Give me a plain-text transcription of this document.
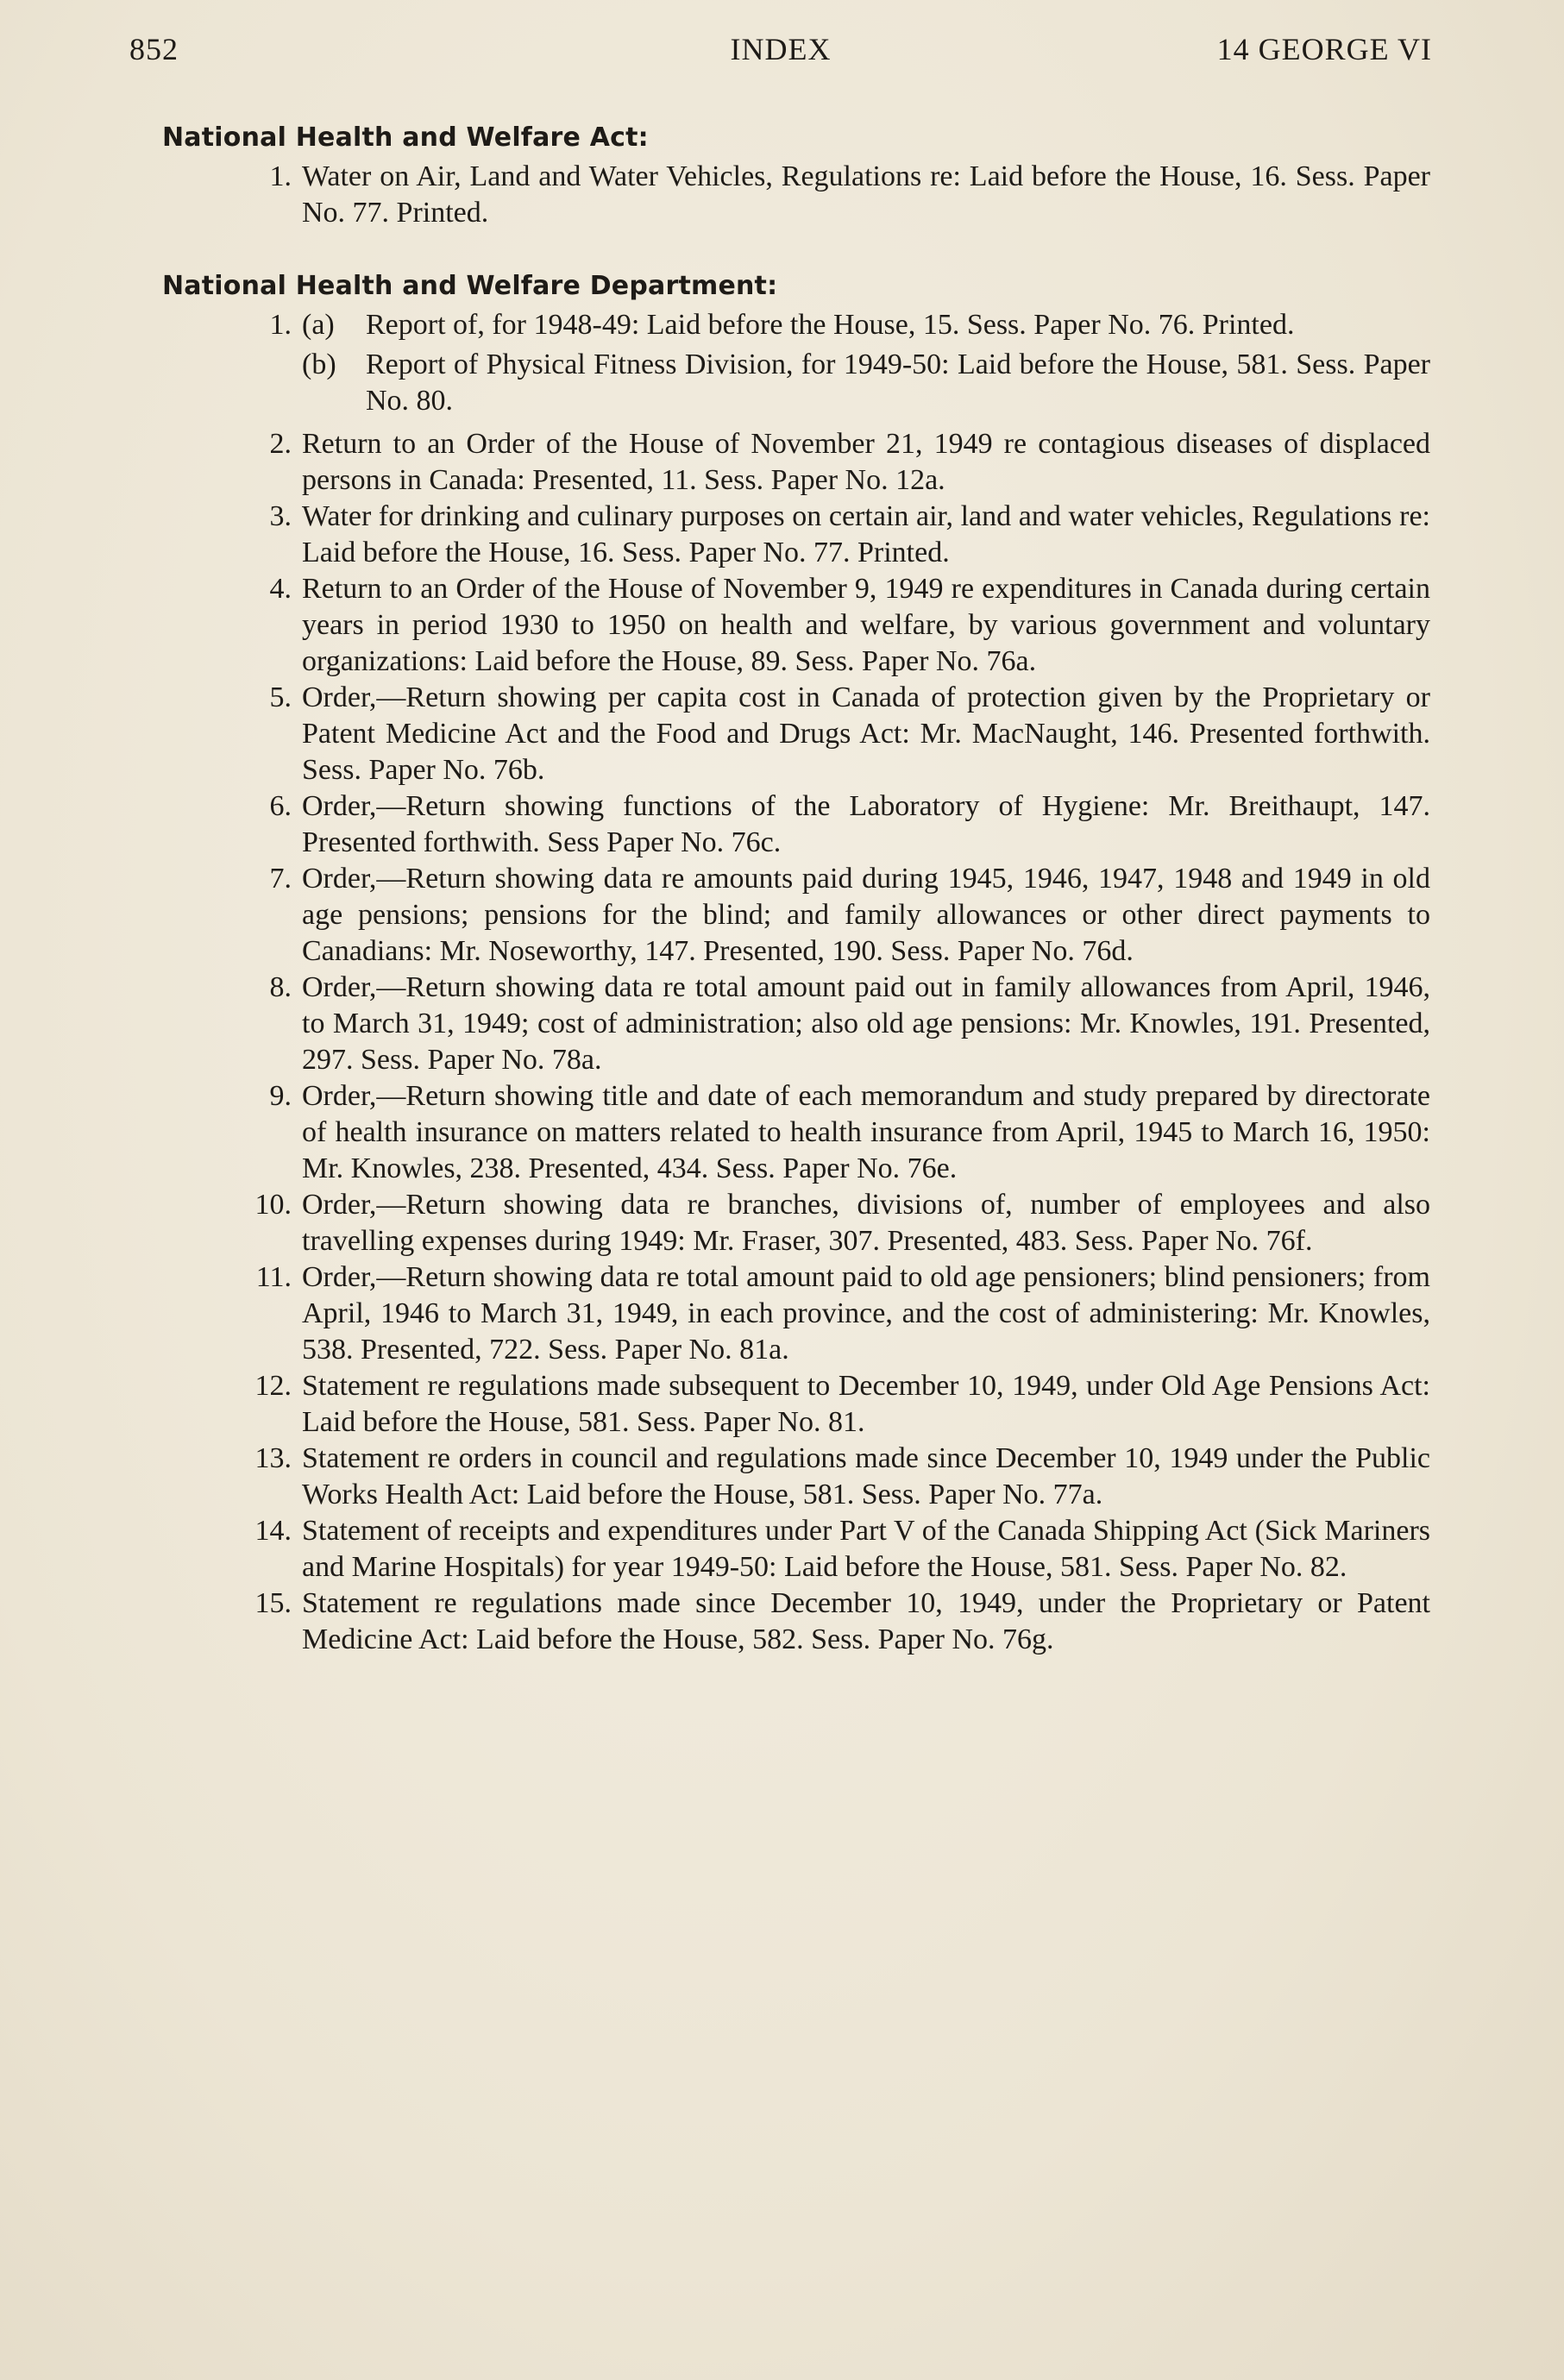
852	INDEX	14 GEORGE VI
National Health and Welfare Act:
1. Water on Air, Land and Water Vehicles, Regulations re: Laid before the House, 16. Sess. Paper No. 77. Printed.
National Health and Welfare Department:
1. (a)	Report of, for 1948-49: Laid before the House, 15. Sess. Paper No. 76. Printed.
(b)	Report of Physical Fitness Division, for 1949-50: Laid before the House, 581. Sess. Paper No. 80.
2. Return to an Order of the House of November 21, 1949 re contagious diseases of displaced persons in Canada: Presented, 11. Sess. Paper No. 12a.
3. Water for drinking and culinary purposes on certain air, land and water vehicles, Regulations re: Laid before the House, 16. Sess. Paper No. 77. Printed.
4. Return to an Order of the House of November 9, 1949 re expenditures in Canada during certain years in period 1930 to 1950 on health and welfare, by various government and voluntary organizations: Laid before the House, 89. Sess. Paper No. 76a.
5. Order,—Return showing per capita cost in Canada of protection given by the Proprietary or Patent Medicine Act and the Food and Drugs Act: Mr. MacNaught, 146. Presented forthwith. Sess. Paper No. 76b.
6. Order,—Return showing functions of the Laboratory of Hygiene: Mr. Breithaupt, 147. Presented forthwith. Sess Paper No. 76c.
7. Order,—Return showing data re amounts paid during 1945, 1946, 1947, 1948 and 1949 in old age pensions; pensions for the blind; and family allowances or other direct payments to Canadians: Mr. Noseworthy, 147. Presented, 190. Sess. Paper No. 76d.
8. Order,—Return showing data re total amount paid out in family allowances from April, 1946, to March 31, 1949; cost of administration; also old age pensions: Mr. Knowles, 191. Presented, 297. Sess. Paper No. 78a.
9. Order,—Return showing title and date of each memorandum and study prepared by directorate of health insurance on matters related to health insurance from April, 1945 to March 16, 1950: Mr. Knowles, 238. Presented, 434. Sess. Paper No. 76e.
10. Order,—Return showing data re branches, divisions of, number of employees and also travelling expenses during 1949: Mr. Fraser, 307. Presented, 483. Sess. Paper No. 76f.
11. Order,—Return showing data re total amount paid to old age pensioners; blind pensioners; from April, 1946 to March 31, 1949, in each province, and the cost of administering: Mr. Knowles, 538. Presented, 722. Sess. Paper No. 81a.
12. Statement re regulations made subsequent to December 10, 1949, under Old Age Pensions Act: Laid before the House, 581. Sess. Paper No. 81.
13. Statement re orders in council and regulations made since December 10, 1949 under the Public Works Health Act: Laid before the House, 581. Sess. Paper No. 77a.
14. Statement of receipts and expenditures under Part V of the Canada Shipping Act (Sick Mariners and Marine Hospitals) for year 1949-50: Laid before the House, 581. Sess. Paper No. 82.
15. Statement re regulations made since December 10, 1949, under the Proprietary or Patent Medicine Act: Laid before the House, 582. Sess. Paper No. 76g.
